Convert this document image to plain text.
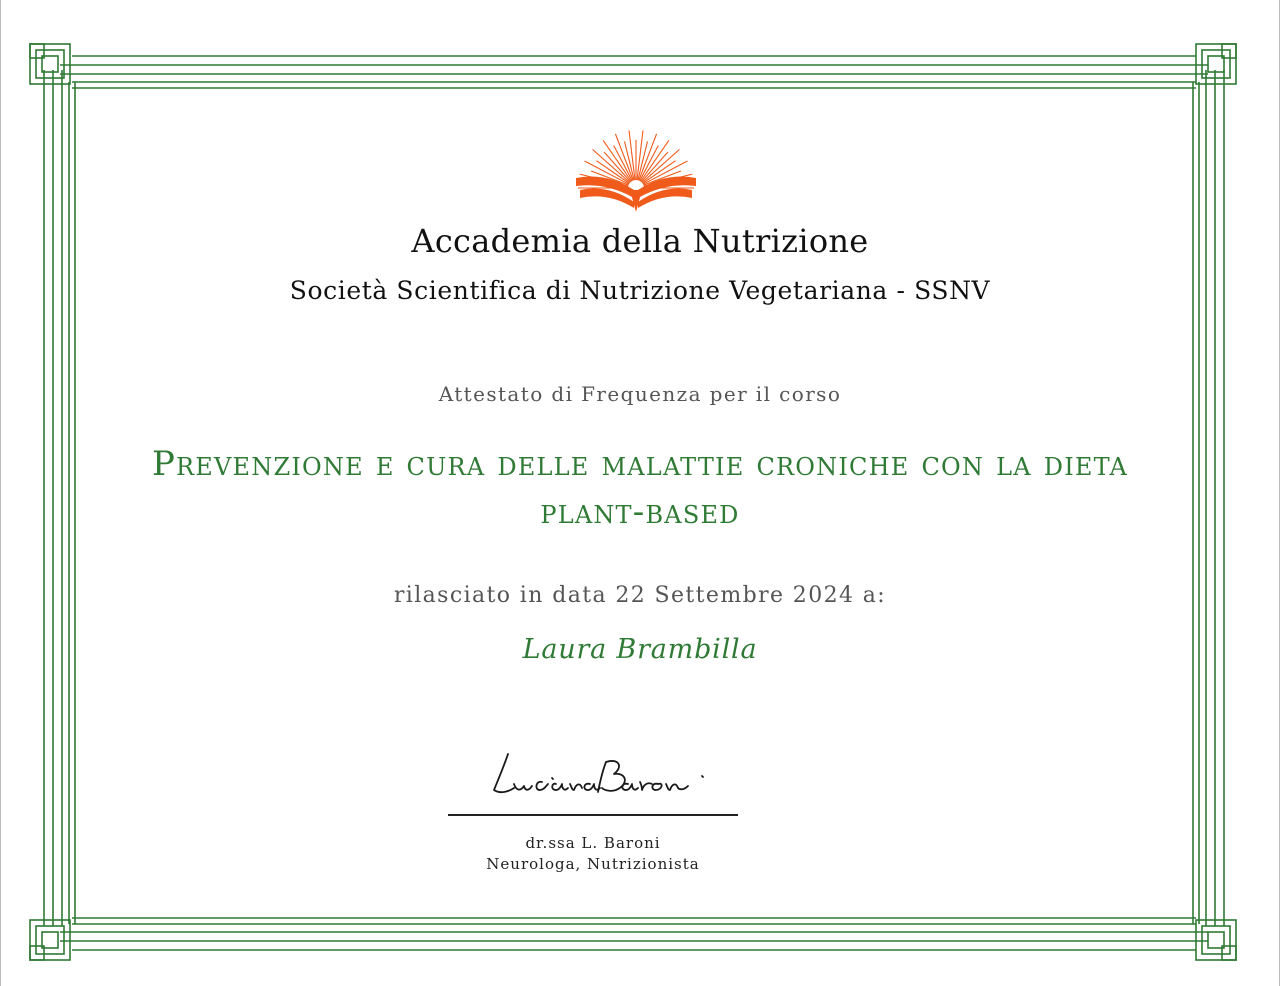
Accademia della Nutrizione
Società Scientifica di Nutrizione Vegetariana - SSNV
Attestato di Frequenza per il corso
Prevenzione e cura delle malattie croniche con la dieta plant-based
rilasciato in data 22 Settembre 2024 a:
Laura Brambilla
dr.ssa L. Baroni
Neurologa, Nutrizionista
